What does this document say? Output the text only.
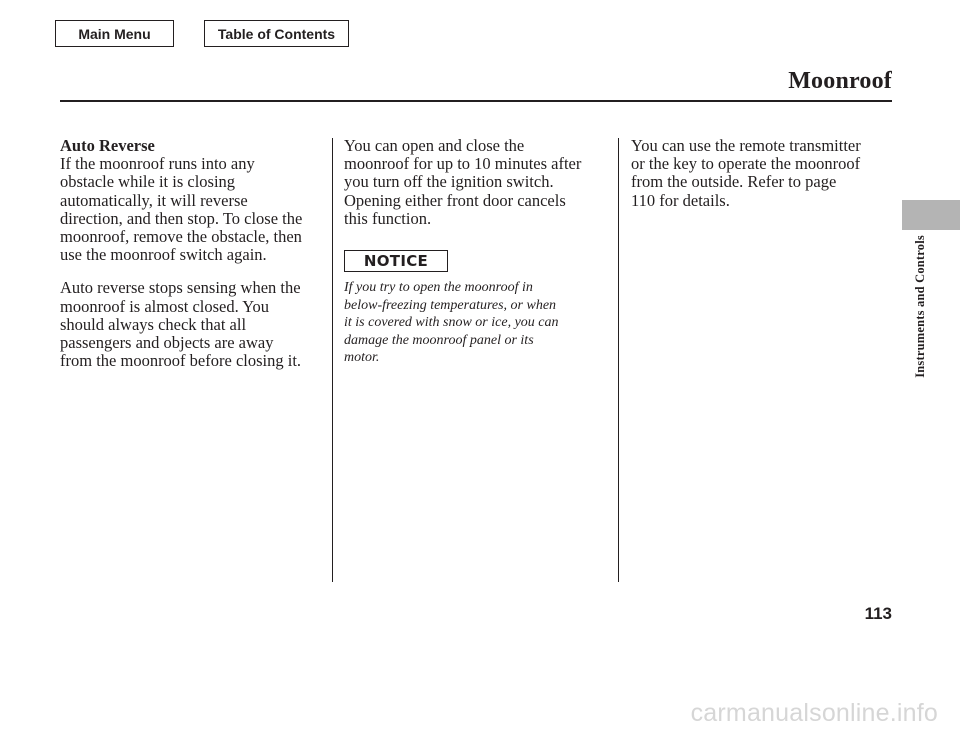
Main Menu	Table of Contents
Moonroof

Auto Reverse

If the moonroof runs into any
obstacle while it is closing
automatically, it will reverse
direction, and then stop. To close the
moonroof, remove the obstacle, then
use the moonroof switch again.

Auto reverse stops sensing when the
moonroof is almost closed. You
should always check that all
passengers and objects are away
from the moonroof before closing it.

You can open and close the
moonroof for up to 10 minutes after
you turn off the ignition switch.
Opening either front door cancels
this function.

NOTICE

If you try to open the moonroof in
below-freezing temperatures, or when
it is covered with snow or ice, you can
damage the moonroof panel or its
motor.

You can use the remote transmitter
or the key to operate the moonroof
from the outside. Refer to page
110 for details.

Instruments and Controls
113
carmanualsonline.info
